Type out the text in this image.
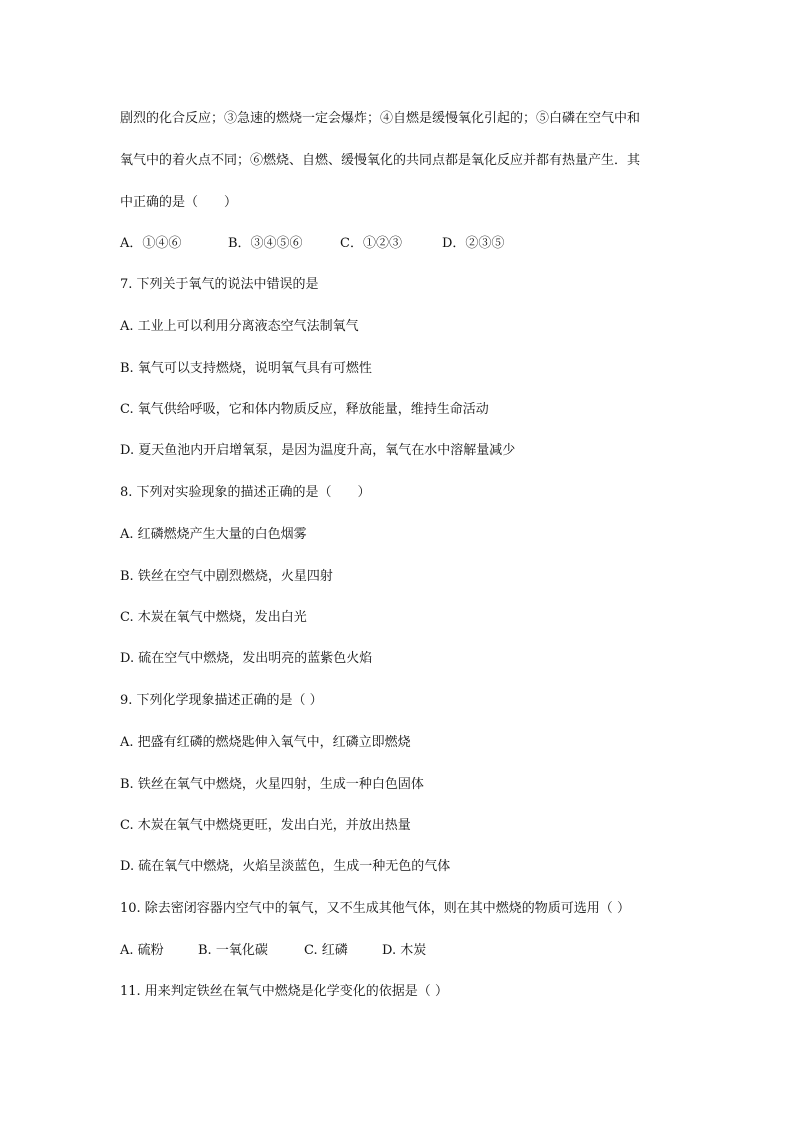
剧烈的化合反应；③急速的燃烧一定会爆炸；④自燃是缓慢氧化引起的；⑤白磷在空气中和
氧气中的着火点不同；⑥燃烧、自燃、缓慢氧化的共同点都是氧化反应并都有热量产生．其
中正确的是（　　）
A．①④⑥	B．③④⑤⑥	C．①②③	D．②③⑤
7. 下列关于氧气的说法中错误的是
A. 工业上可以利用分离液态空气法制氧气
B. 氧气可以支持燃烧，说明氧气具有可燃性
C. 氧气供给呼吸，它和体内物质反应，释放能量，维持生命活动
D. 夏天鱼池内开启增氧泵，是因为温度升高，氧气在水中溶解量减少
8. 下列对实验现象的描述正确的是（　　）
A. 红磷燃烧产生大量的白色烟雾
B. 铁丝在空气中剧烈燃烧，火星四射
C. 木炭在氧气中燃烧，发出白光
D. 硫在空气中燃烧，发出明亮的蓝紫色火焰
9. 下列化学现象描述正确的是（ ）
A. 把盛有红磷的燃烧匙伸入氧气中，红磷立即燃烧
B. 铁丝在氧气中燃烧，火星四射，生成一种白色固体
C. 木炭在氧气中燃烧更旺，发出白光，并放出热量
D. 硫在氧气中燃烧，火焰呈淡蓝色，生成一种无色的气体
10. 除去密闭容器内空气中的氧气，又不生成其他气体，则在其中燃烧的物质可选用（ ）
A. 硫粉	B. 一氧化碳	C. 红磷	D. 木炭
11. 用来判定铁丝在氧气中燃烧是化学变化的依据是（ ）
